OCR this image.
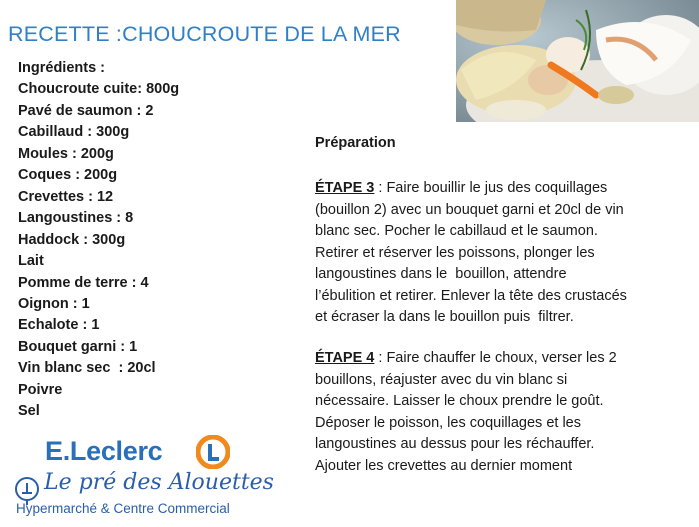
RECETTE :CHOUCROUTE DE LA MER
Ingrédients :
Choucroute cuite: 800g
Pavé de saumon : 2
Cabillaud : 300g
Moules : 200g
Coques : 200g
Crevettes : 12
Langoustines : 8
Haddock : 300g
Lait
Pomme de terre : 4
Oignon : 1
Echalote : 1
Bouquet garni : 1
Vin blanc sec  : 20cl
Poivre
Sel
Préparation
ÉTAPE 3 : Faire bouillir le jus des coquillages
(bouillon 2) avec un bouquet garni et 20cl de vin
blanc sec. Pocher le cabillaud et le saumon.
Retirer et réserver les poissons, plonger les
langoustines dans le  bouillon, attendre
l’ébulition et retirer. Enlever la tête des crustacés
et écraser la dans le bouillon puis  filtrer.
ÉTAPE 4 : Faire chauffer le choux, verser les 2
bouillons, réajuster avec du vin blanc si
nécessaire. Laisser le choux prendre le goût.
Déposer le poisson, les coquillages et les
langoustines au dessus pour les réchauffer.
Ajouter les crevettes au dernier moment
E.Leclerc
Le pré des Alouettes
Hypermarché & Centre Commercial
